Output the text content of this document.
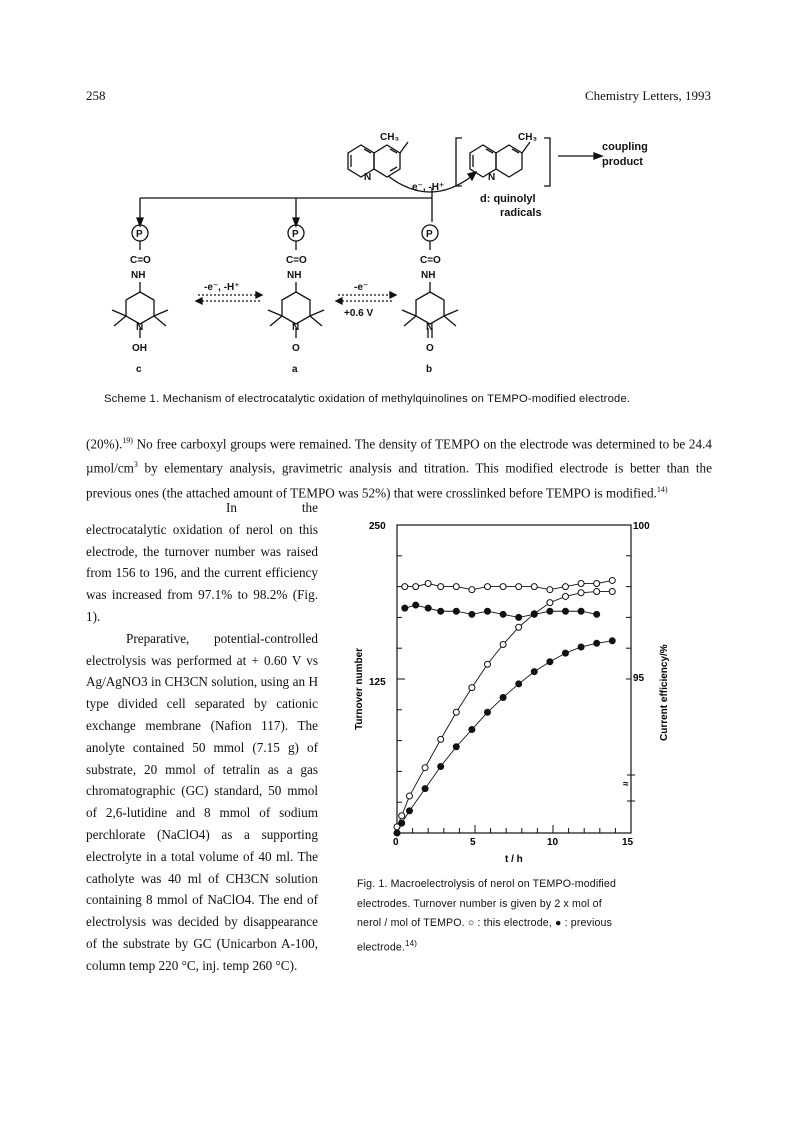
258	Chemistry Letters, 1993
CH₃	CH₃
N	N
coupling
product
d: quinolyl
radicals
e⁻, -H⁺
P	P	P
C=O	C=O	C=O
NH	NH	NH
N	N	N
OH	O	O
-e⁻, -H⁺	-e⁻
+0.6 V
c	a	b
Scheme 1. Mechanism of electrocatalytic oxidation of methylquinolines on TEMPO-modified electrode.
(20%).$^{19)}$ No free carboxyl groups were remained. The density of TEMPO on the electrode was determined to be 24.4 µmol/$cm^3$ by elementary analysis, gravimetric analysis and titration. This modified electrode is better than the previous ones (the attached amount of TEMPO was 52%) that were crosslinked before TEMPO is modified.$^{14)}$
In the electrocatalytic oxidation of nerol on this electrode, the turnover number was raised from 156 to 196, and the current efficiency was increased from 97.1% to 98.2% (Fig. 1).
Preparative, potential-controlled electrolysis was performed at + 0.60 V vs Ag/AgNO3 in CH3CN solution, using an H type divided cell separated by cationic exchange membrane (Nafion 117). The anolyte contained 50 mmol (7.15 g) of substrate, 20 mmol of tetralin as a gas chromatographic (GC) standard, 50 mmol of 2,6-lutidine and 8 mmol of sodium perchlorate (NaClO4) as a supporting electrolyte in a total volume of 40 ml. The catholyte was 40 ml of CH3CN solution containing 8 mmol of NaClO4. The end of electrolysis was decided by disappearance of the substrate by GC (Unicarbon A-100, column temp 220 °C, inj. temp 260 °C).
250
125
100
95
0	5	10	15
t / h
Turnover number	Current efficiency/%
≈
Fig. 1. Macroelectrolysis of nerol on TEMPO-modified
electrodes. Turnover number is given by 2 x mol of
nerol / mol of TEMPO. ○ : this electrode, ● : previous
electrode.$^{14)}$
